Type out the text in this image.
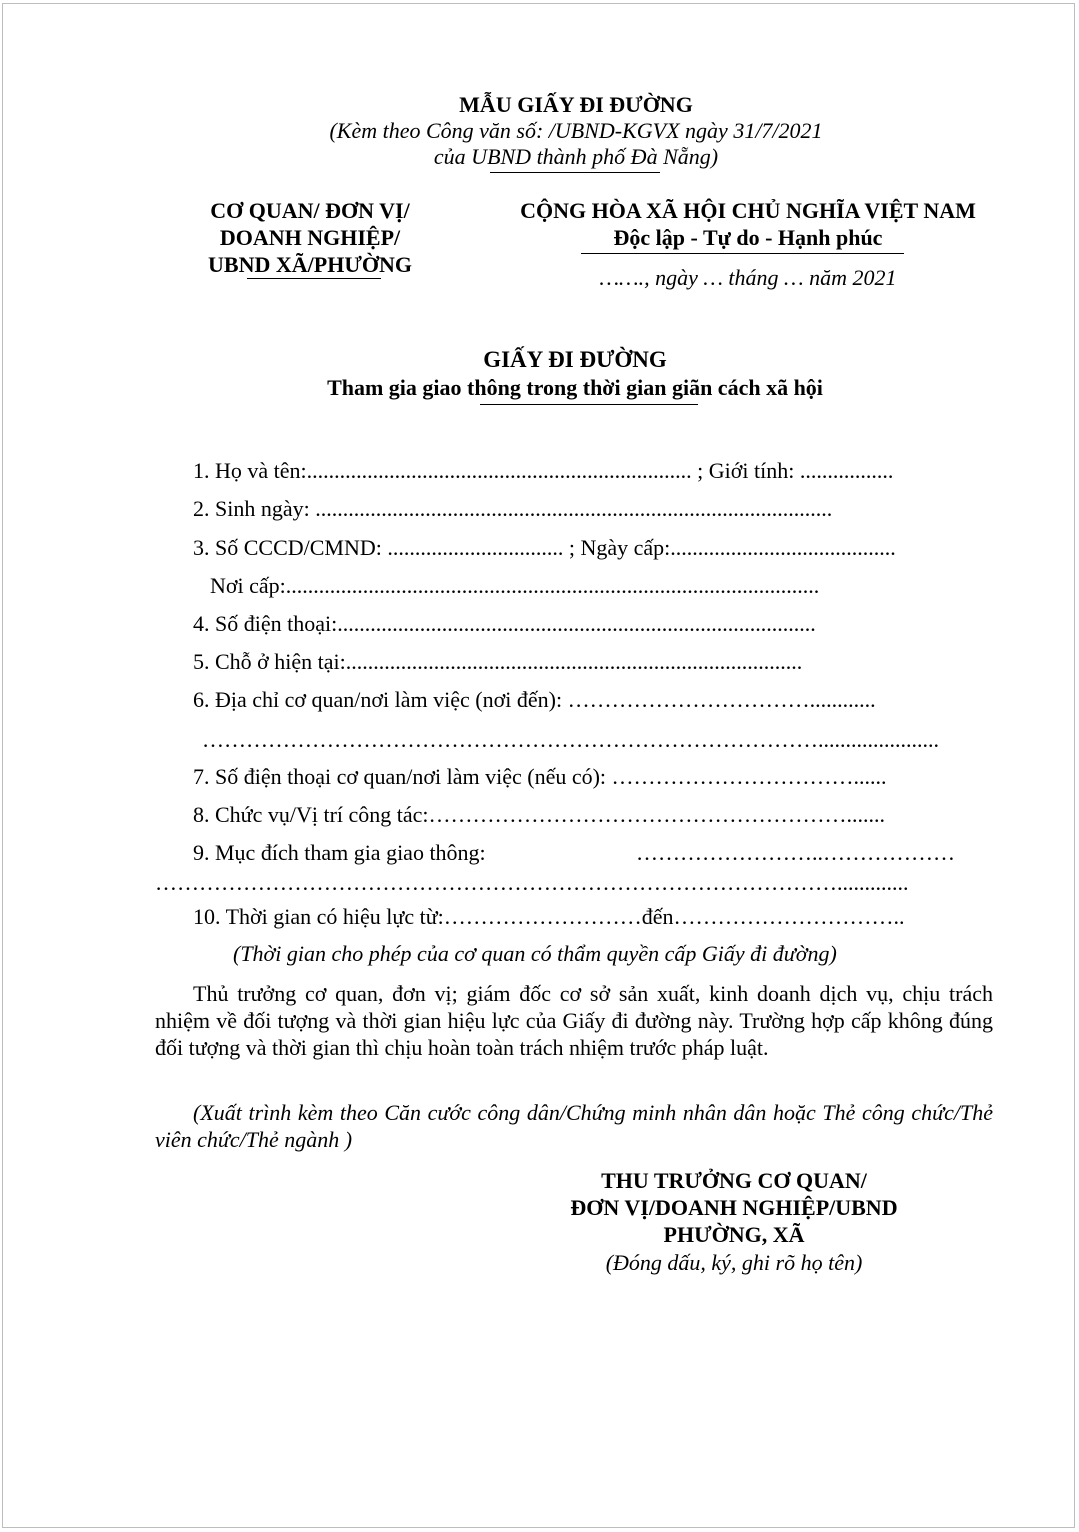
MẪU GIẤY ĐI ĐƯỜNG
(Kèm theo Công văn số: /UBND-KGVX ngày 31/7/2021
của UBND thành phố Đà Nẵng)
CƠ QUAN/ ĐƠN VỊ/
DOANH NGHIỆP/
UBND XÃ/PHƯỜNG
CỘNG HÒA XÃ HỘI CHỦ NGHĨA VIỆT NAM
Độc lập - Tự do - Hạnh phúc
……., ngày … tháng … năm 2021
GIẤY ĐI ĐƯỜNG
Tham gia giao thông trong thời gian giãn cách xã hội
1. Họ và tên:...................................................................... ; Giới tính: .................
2. Sinh ngày: ..............................................................................................
3. Số CCCD/CMND: ................................ ; Ngày cấp:.........................................
Nơi cấp:.................................................................................................
4. Số điện thoại:.......................................................................................
5. Chỗ ở hiện tại:...................................................................................
6. Địa chỉ cơ quan/nơi làm việc (nơi đến): ……………………………............
…………………………………………………………………………......................
7. Số điện thoại cơ quan/nơi làm việc (nếu có): ……………………………......
8. Chức vụ/Vị trí công tác:………………………………………………….......
9. Mục đích tham gia giao thông:	……………………..………………
………………………………………………………………………………….............
10. Thời gian có hiệu lực từ:………………………đến…………………………..
(Thời gian cho phép của cơ quan có thẩm quyền cấp Giấy đi đường)
Thủ trưởng cơ quan, đơn vị; giám đốc cơ sở sản xuất, kinh doanh dịch vụ, chịu trách nhiệm về đối tượng và thời gian hiệu lực của Giấy đi đường này. Trường hợp cấp không đúng đối tượng và thời gian thì chịu hoàn toàn trách nhiệm trước pháp luật.
(Xuất trình kèm theo Căn cước công dân/Chứng minh nhân dân hoặc Thẻ công chức/Thẻ viên chức/Thẻ ngành )
THU TRƯỞNG CƠ QUAN/
ĐƠN VỊ/DOANH NGHIỆP/UBND
PHƯỜNG, XÃ
(Đóng dấu, ký, ghi rõ họ tên)
